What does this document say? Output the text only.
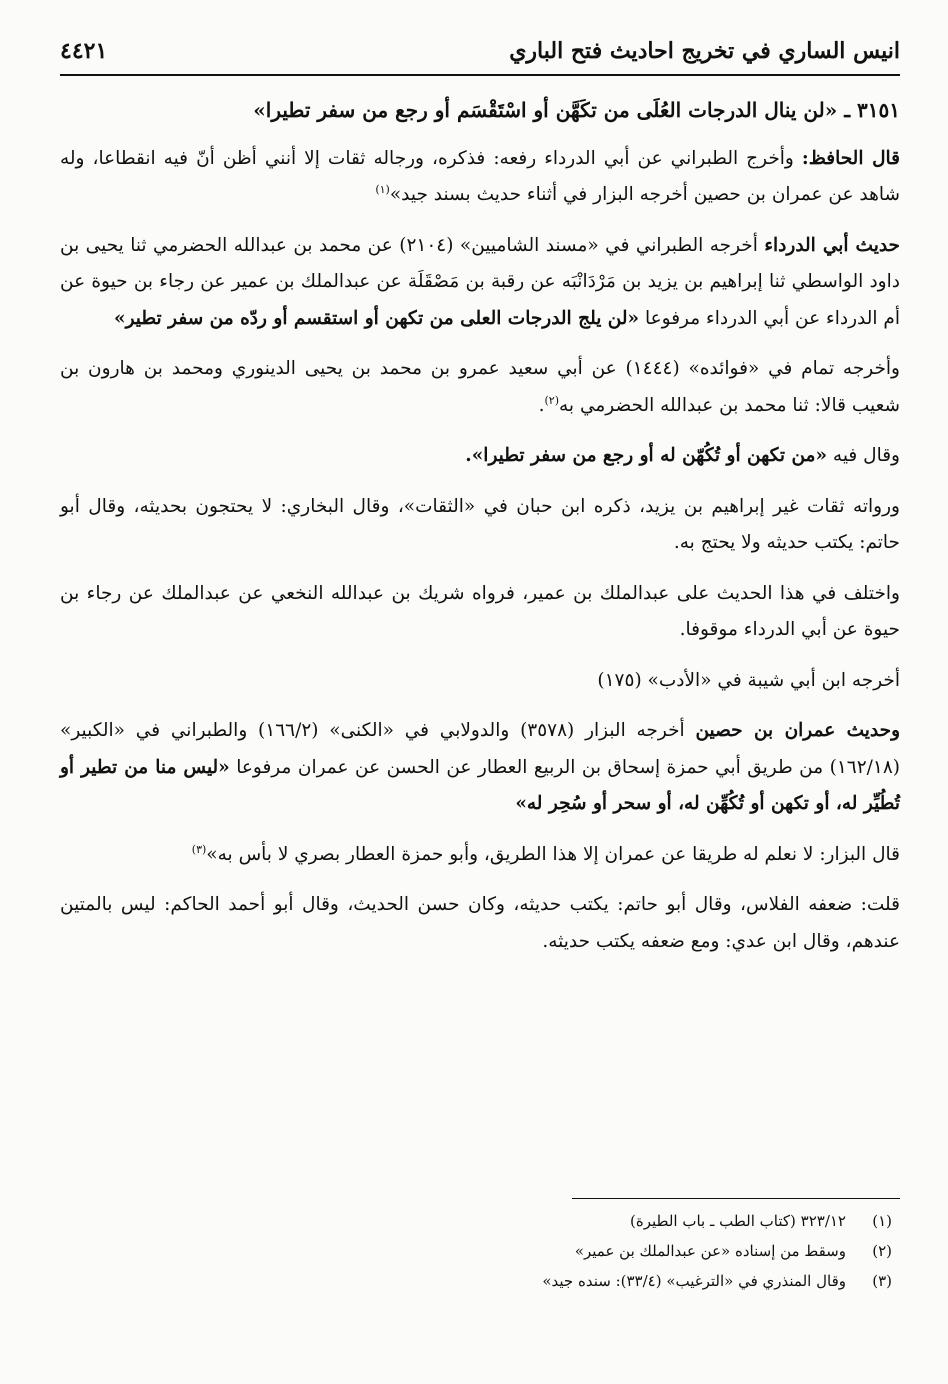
انيس الساري في تخريج احاديث فتح الباري
٤٤٢١
٣١٥١ ـ «لن ينال الدرجات العُلَى من تكَهَّن أو اسْتَقْسَم أو رجع من سفر تطيرا»
قال الحافظ: وأخرج الطبراني عن أبي الدرداء رفعه: فذكره، ورجاله ثقات إلا أنني أظن أنّ فيه انقطاعا، وله شاهد عن عمران بن حصين أخرجه البزار في أثناء حديث بسند جيد»$^{(١)}$
حديث أبي الدرداء أخرجه الطبراني في «مسند الشاميين» (٢١٠٤) عن محمد بن عبدالله الحضرمي ثنا يحيى بن داود الواسطي ثنا إبراهيم بن يزيد بن مَرْدَانْبَه عن رقبة بن مَصْقَلَة عن عبدالملك بن عمير عن رجاء بن حيوة عن أم الدرداء عن أبي الدرداء مرفوعا «لن يلج الدرجات العلى من تكهن أو استقسم أو ردّه من سفر تطير»
وأخرجه تمام في «فوائده» (١٤٤٤) عن أبي سعيد عمرو بن محمد بن يحيى الدينوري ومحمد بن هارون بن شعيب قالا: ثنا محمد بن عبدالله الحضرمي به$^{(٢)}$.
وقال فيه «من تكهن أو تُكُهّن له أو رجع من سفر تطيرا».
ورواته ثقات غير إبراهيم بن يزيد، ذكره ابن حبان في «الثقات»، وقال البخاري: لا يحتجون بحديثه، وقال أبو حاتم: يكتب حديثه ولا يحتج به.
واختلف في هذا الحديث على عبدالملك بن عمير، فرواه شريك بن عبدالله النخعي عن عبدالملك عن رجاء بن حيوة عن أبي الدرداء موقوفا.
أخرجه ابن أبي شيبة في «الأدب» (١٧٥)
وحديث عمران بن حصين أخرجه البزار (٣٥٧٨) والدولابي في «الكنى» (١٦٦/٢) والطبراني في «الكبير» (١٦٢/١٨) من طريق أبي حمزة إسحاق بن الربيع العطار عن الحسن عن عمران مرفوعا «ليس منا من تطير أو تُطُيِّر له، أو تكهن أو تُكُهِّن له، أو سحر أو سُحِر له»
قال البزار: لا نعلم له طريقا عن عمران إلا هذا الطريق، وأبو حمزة العطار بصري لا بأس به»$^{(٣)}$
قلت: ضعفه الفلاس، وقال أبو حاتم: يكتب حديثه، وكان حسن الحديث، وقال أبو أحمد الحاكم: ليس بالمتين عندهم، وقال ابن عدي: ومع ضعفه يكتب حديثه.
(١)
٣٢٣/١٢ (كتاب الطب ـ باب الطيرة)
(٢)
وسقط من إسناده «عن عبدالملك بن عمير»
(٣)
وقال المنذري في «الترغيب» (٣٣/٤): سنده جيد»
